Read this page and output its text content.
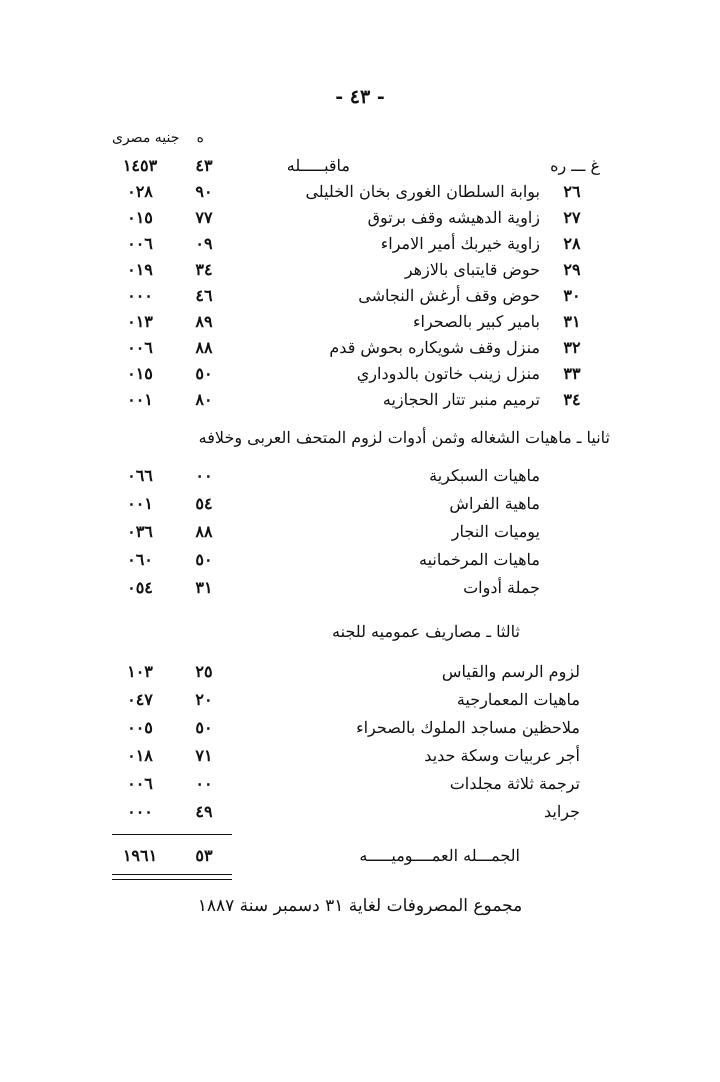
- ٤٣ -
جنيه مصرى ه
١٤٥٣	٤٣	ماقبـــــله	غ ـــ ره
٠٢٨	٩٠	بوابة السلطان الغورى بخان الخليلى	٢٦
٠١٥	٧٧	زاوية الدهيشه وقف برتوق	٢٧
٠٠٦	٠٩	زاوية خيربك أمير الامراء	٢٨
٠١٩	٣٤	حوض قايتباى بالازهر	٢٩
٠٠٠	٤٦	حوض وقف أرغش النجاشى	٣٠
٠١٣	٨٩	بامير كبير بالصحراء	٣١
٠٠٦	٨٨	منزل وقف شويكاره بحوش قدم	٣٢
٠١٥	٥٠	منزل زينب خاتون بالدوداري	٣٣
٠٠١	٨٠	ترميم منبر تتار الحجازيه	٣٤
ثانيا ـ ماهيات الشغاله وثمن أدوات لزوم المتحف العربى وخلافه
٠٦٦	٠٠	ماهيات السبكرية
٠٠١	٥٤	ماهية الفراش
٠٣٦	٨٨	يوميات النجار
٠٦٠	٥٠	ماهيات المرخمانيه
٠٥٤	٣١	جملة أدوات
ثالثا ـ مصاريف عموميه للجنه
١٠٣	٢٥	لزوم الرسم والقياس
٠٤٧	٢٠	ماهيات المعمارجية
٠٠٥	٥٠	ملاحظين مساجد الملوك بالصحراء
٠١٨	٧١	أجر عربيات وسكة حديد
٠٠٦	٠٠	ترجمة ثلاثة مجلدات
٠٠٠	٤٩	جرايد
١٩٦١	٥٣	الجمـــله العمــــوميـــــه
مجموع المصروفات لغاية ٣١ دسمبر سنة ١٨٨٧
